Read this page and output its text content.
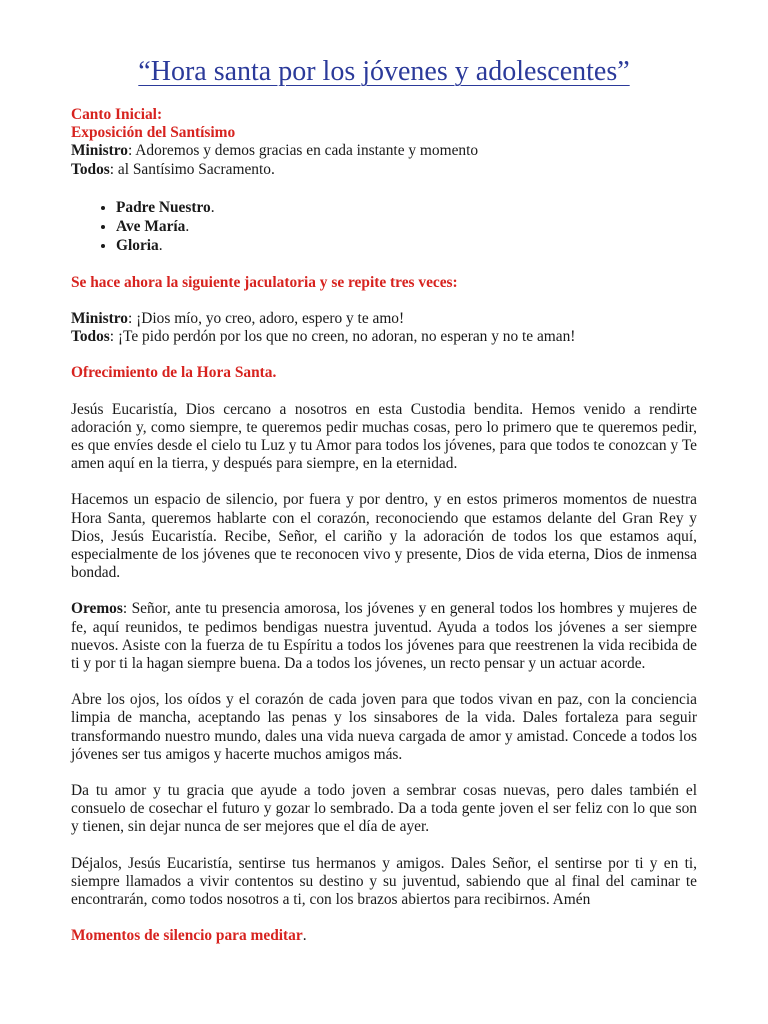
“Hora santa por los jóvenes y adolescentes”
Canto Inicial:
Exposición del Santísimo
Ministro: Adoremos y demos gracias en cada instante y momento
Todos: al Santísimo Sacramento.
• Padre Nuestro.
• Ave María.
• Gloria.
Se hace ahora la siguiente jaculatoria y se repite tres veces:
Ministro: ¡Dios mío, yo creo, adoro, espero y te amo!
Todos: ¡Te pido perdón por los que no creen, no adoran, no esperan y no te aman!
Ofrecimiento de la Hora Santa.

Jesús Eucaristía, Dios cercano a nosotros en esta Custodia bendita. Hemos venido a rendirte adoración y, como siempre, te queremos pedir muchas cosas, pero lo primero que te queremos pedir, es que envíes desde el cielo tu Luz y tu Amor para todos los jóvenes, para que todos te conozcan y Te amen aquí en la tierra, y después para siempre, en la eternidad.

Hacemos un espacio de silencio, por fuera y por dentro, y en estos primeros momentos de nuestra Hora Santa, queremos hablarte con el corazón, reconociendo que estamos delante del Gran Rey y Dios, Jesús Eucaristía. Recibe, Señor, el cariño y la adoración de todos los que estamos aquí, especialmente de los jóvenes que te reconocen vivo y presente, Dios de vida eterna, Dios de inmensa bondad.

Oremos: Señor, ante tu presencia amorosa, los jóvenes y en general todos los hombres y mujeres de fe, aquí reunidos, te pedimos bendigas nuestra juventud. Ayuda a todos los jóvenes a ser siempre nuevos. Asiste con la fuerza de tu Espíritu a todos los jóvenes para que reestrenen la vida recibida de ti y por ti la hagan siempre buena. Da a todos los jóvenes, un recto pensar y un actuar acorde.

Abre los ojos, los oídos y el corazón de cada joven para que todos vivan en paz, con la conciencia limpia de mancha, aceptando las penas y los sinsabores de la vida. Dales fortaleza para seguir transformando nuestro mundo, dales una vida nueva cargada de amor y amistad. Concede a todos los jóvenes ser tus amigos y hacerte muchos amigos más.

Da tu amor y tu gracia que ayude a todo joven a sembrar cosas nuevas, pero dales también el consuelo de cosechar el futuro y gozar lo sembrado. Da a toda gente joven el ser feliz con lo que son y tienen, sin dejar nunca de ser mejores que el día de ayer.

Déjalos, Jesús Eucaristía, sentirse tus hermanos y amigos. Dales Señor, el sentirse por ti y en ti, siempre llamados a vivir contentos su destino y su juventud, sabiendo que al final del caminar te encontrarán, como todos nosotros a ti, con los brazos abiertos para recibirnos. Amén

Momentos de silencio para meditar.
